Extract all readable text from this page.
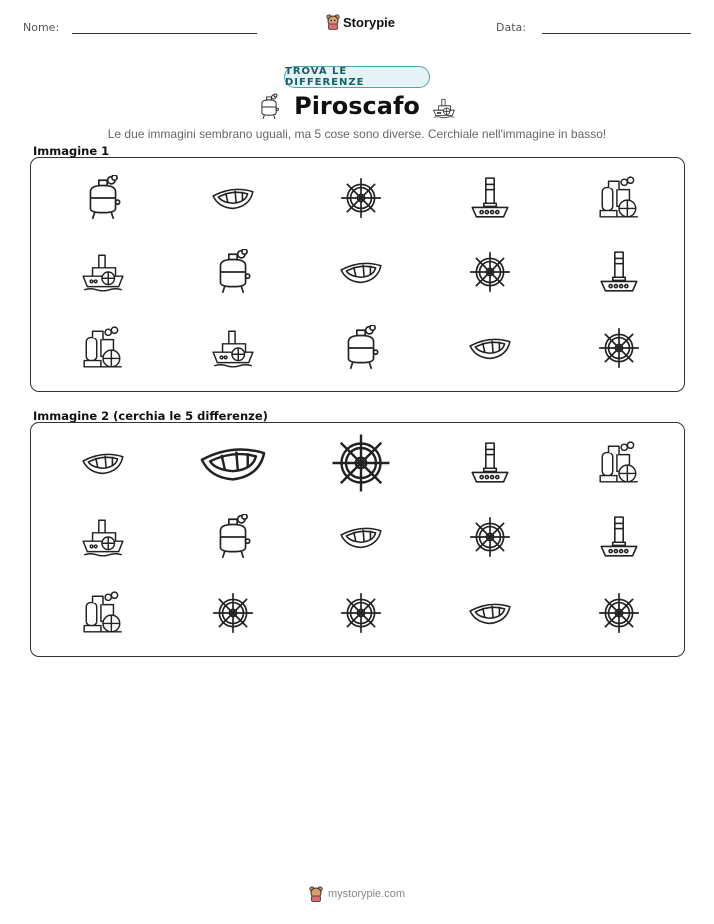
Nome:	Storypie	Data:
TROVA LE DIFFERENZE
Piroscafo
Le due immagini sembrano uguali, ma 5 cose sono diverse. Cerchiale nell'immagine in basso!
Immagine 1
Immagine 2 (cerchia le 5 differenze)
mystorypie.com
